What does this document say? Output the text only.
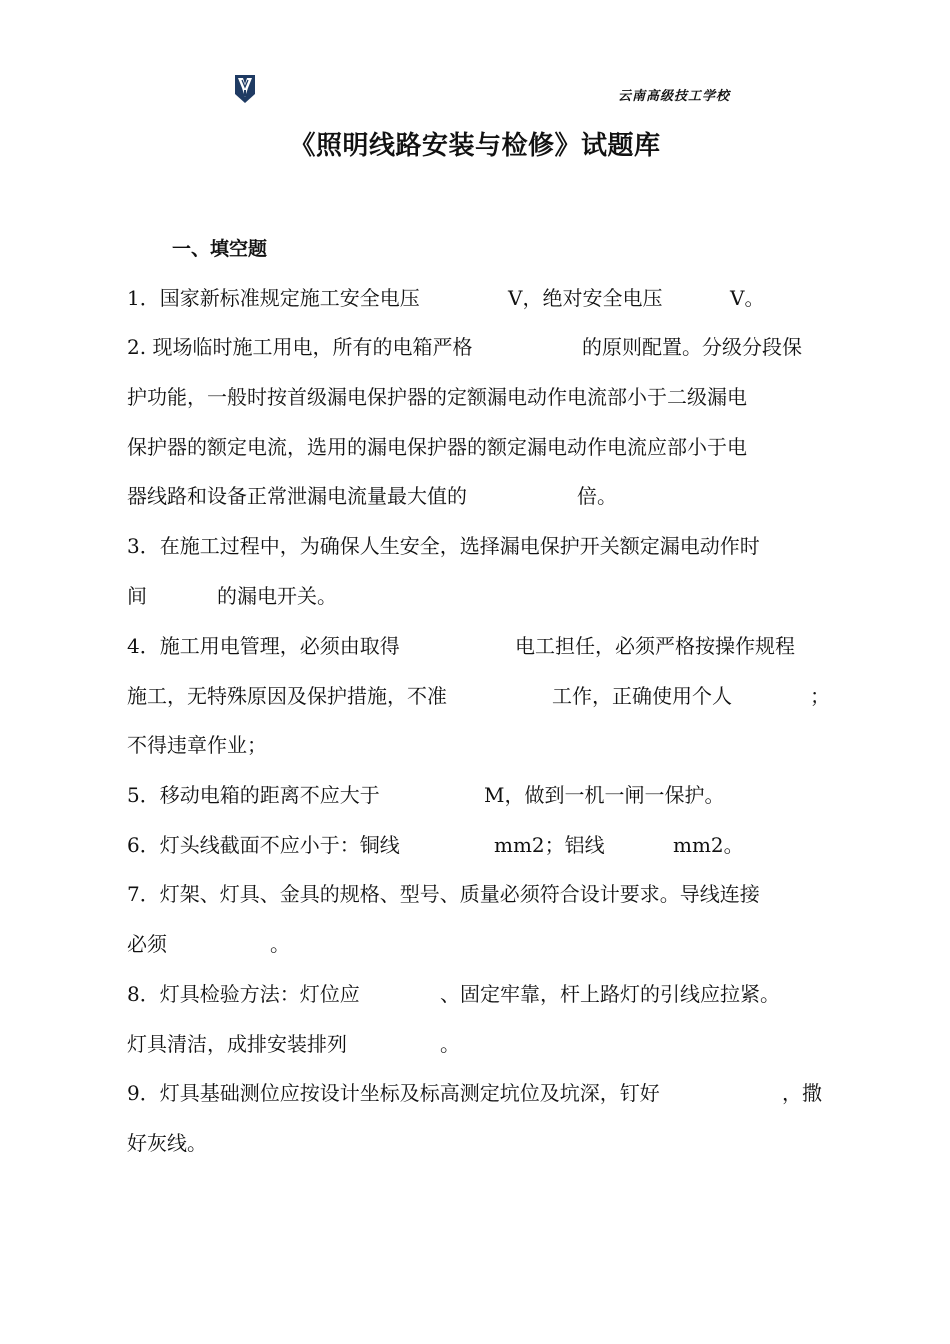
云南高级技工学校
《照明线路安装与检修》试题库
一、填空题
1．国家新标准规定施工安全电压	V，绝对安全电压	V。
2. 现场临时施工用电，所有的电箱严格	的原则配置。分级分段保
护功能，一般时按首级漏电保护器的定额漏电动作电流部小于二级漏电
保护器的额定电流，选用的漏电保护器的额定漏电动作电流应部小于电
器线路和设备正常泄漏电流量最大值的	倍。
3．在施工过程中，为确保人生安全，选择漏电保护开关额定漏电动作时
间	的漏电开关。
4．施工用电管理，必须由取得	电工担任，必须严格按操作规程
施工，无特殊原因及保护措施，不准	工作，正确使用个人	；
不得违章作业；
5．移动电箱的距离不应大于	M，做到一机一闸一保护。
6．灯头线截面不应小于：铜线	mm2；铝线	mm2。
7．灯架、灯具、金具的规格、型号、质量必须符合设计要求。导线连接
必须	。
8．灯具检验方法：灯位应	、固定牢靠，杆上路灯的引线应拉紧。
灯具清洁，成排安装排列	。
9．灯具基础测位应按设计坐标及标高测定坑位及坑深，钉好	，撒
好灰线。
